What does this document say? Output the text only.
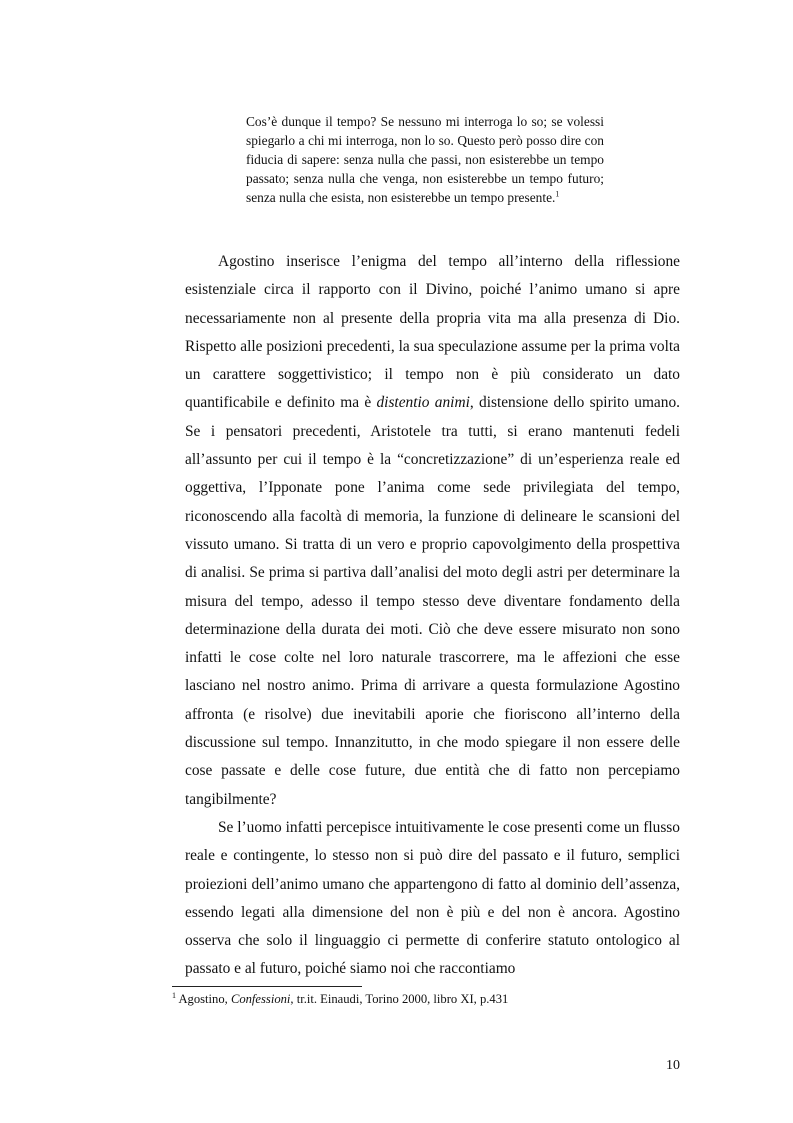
Cos’è dunque il tempo? Se nessuno mi interroga lo so; se volessi spiegarlo a chi mi interroga, non lo so. Questo però posso dire con fiducia di sapere: senza nulla che passi, non esisterebbe un tempo passato; senza nulla che venga, non esisterebbe un tempo futuro; senza nulla che esista, non esisterebbe un tempo presente.$^1$

Agostino inserisce l’enigma del tempo all’interno della riflessione esistenziale circa il rapporto con il Divino, poiché l’animo umano si apre necessariamente non al presente della propria vita ma alla presenza di Dio. Rispetto alle posizioni precedenti, la sua speculazione assume per la prima volta un carattere soggettivistico; il tempo non è più considerato un dato quantificabile e definito ma è distentio animi, distensione dello spirito umano. Se i pensatori precedenti, Aristotele tra tutti, si erano mantenuti fedeli all’assunto per cui il tempo è la “concretizzazione” di un’esperienza reale ed oggettiva, l’Ipponate pone l’anima come sede privilegiata del tempo, riconoscendo alla facoltà di memoria, la funzione di delineare le scansioni del vissuto umano. Si tratta di un vero e proprio capovolgimento della prospettiva di analisi. Se prima si partiva dall’analisi del moto degli astri per determinare la misura del tempo, adesso il tempo stesso deve diventare fondamento della determinazione della durata dei moti. Ciò che deve essere misurato non sono infatti le cose colte nel loro naturale trascorrere, ma le affezioni che esse lasciano nel nostro animo. Prima di arrivare a questa formulazione Agostino affronta (e risolve) due inevitabili aporie che fioriscono all’interno della discussione sul tempo. Innanzitutto, in che modo spiegare il non essere delle cose passate e delle cose future, due entità che di fatto non percepiamo tangibilmente?

Se l’uomo infatti percepisce intuitivamente le cose presenti come un flusso reale e contingente, lo stesso non si può dire del passato e il futuro, semplici proiezioni dell’animo umano che appartengono di fatto al dominio dell’assenza, essendo legati alla dimensione del non è più e del non è ancora. Agostino osserva che solo il linguaggio ci permette di conferire statuto ontologico al passato e al futuro, poiché siamo noi che raccontiamo

$^1$ Agostino, Confessioni, tr.it. Einaudi, Torino 2000, libro XI, p.431
10
